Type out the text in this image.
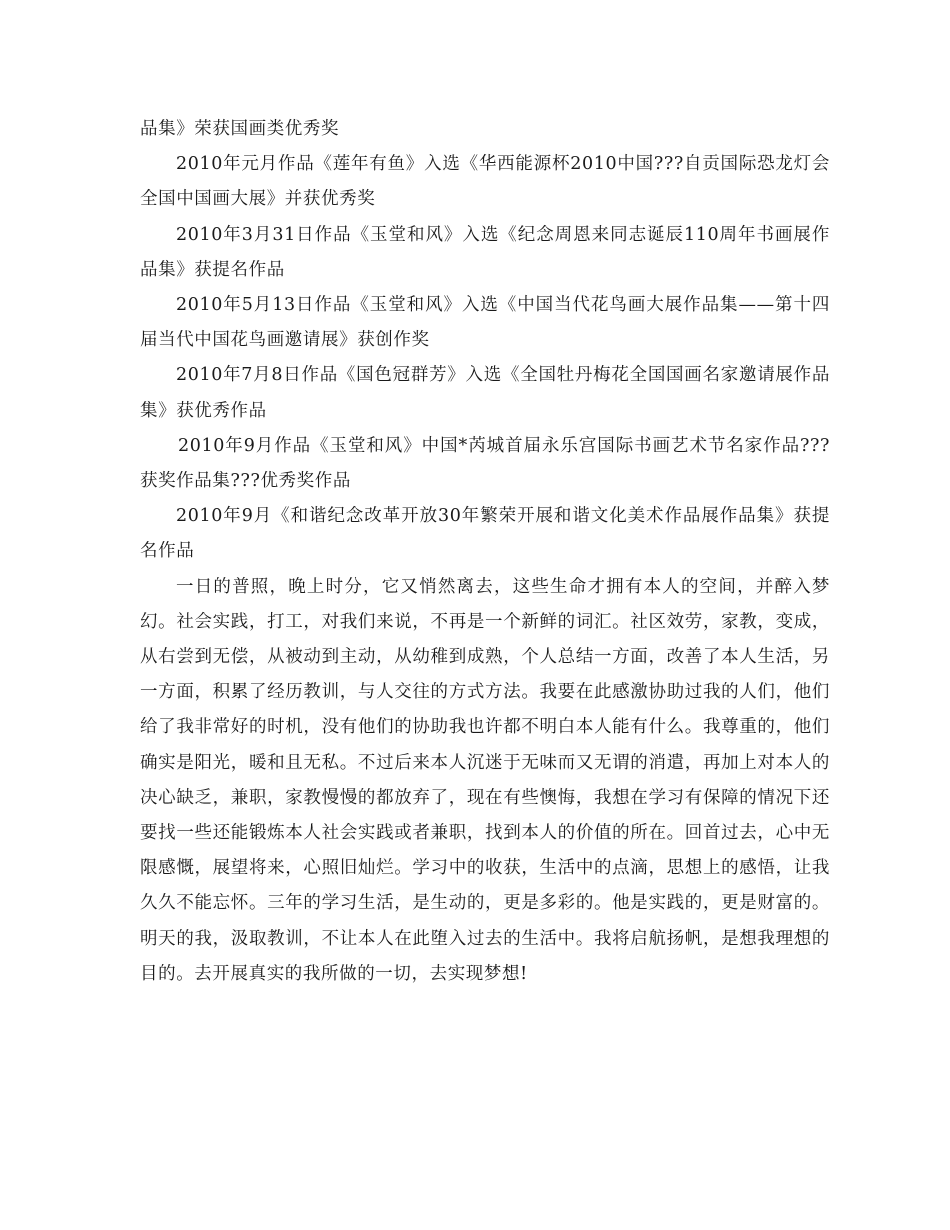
品集》荣获国画类优秀奖

2010年元月作品《莲年有鱼》入选《华西能源杯2010中国???自贡国际恐龙灯会全国中国画大展》并获优秀奖

2010年3月31日作品《玉堂和风》入选《纪念周恩来同志诞辰110周年书画展作品集》获提名作品

2010年5月13日作品《玉堂和风》入选《中国当代花鸟画大展作品集——第十四届当代中国花鸟画邀请展》获创作奖

2010年7月8日作品《国色冠群芳》入选《全国牡丹梅花全国国画名家邀请展作品集》获优秀作品

2010年9月作品《玉堂和风》中国*芮城首届永乐宫国际书画艺术节名家作品???获奖作品集???优秀奖作品

2010年9月《和谐纪念改革开放30年繁荣开展和谐文化美术作品展作品集》获提名作品

一日的普照，晚上时分，它又悄然离去，这些生命才拥有本人的空间，并醉入梦幻。社会实践，打工，对我们来说，不再是一个新鲜的词汇。社区效劳，家教，变成，从右尝到无偿，从被动到主动，从幼稚到成熟，个人总结一方面，改善了本人生活，另一方面，积累了经历教训，与人交往的方式方法。我要在此感激协助过我的人们，他们给了我非常好的时机，没有他们的协助我也许都不明白本人能有什么。我尊重的，他们确实是阳光，暖和且无私。不过后来本人沉迷于无味而又无谓的消遣，再加上对本人的决心缺乏，兼职，家教慢慢的都放弃了，现在有些懊悔，我想在学习有保障的情况下还要找一些还能锻炼本人社会实践或者兼职，找到本人的价值的所在。回首过去，心中无限感慨，展望将来，心照旧灿烂。学习中的收获，生活中的点滴，思想上的感悟，让我久久不能忘怀。三年的学习生活，是生动的，更是多彩的。他是实践的，更是财富的。明天的我，汲取教训，不让本人在此堕入过去的生活中。我将启航扬帆，是想我理想的目的。去开展真实的我所做的一切，去实现梦想!
